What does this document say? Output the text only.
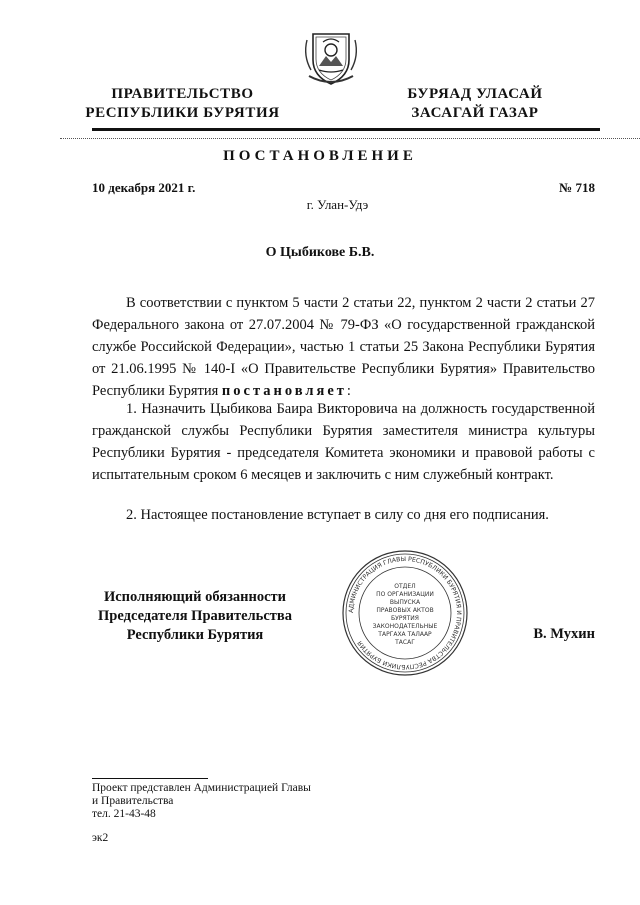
ПРАВИТЕЛЬСТВО
РЕСПУБЛИКИ БУРЯТИЯ
БУРЯАД УЛАСАЙ
ЗАСАГАЙ ГАЗАР
ПОСТАНОВЛЕНИЕ
10 декабря 2021 г.	№ 718
г. Улан-Удэ
О Цыбикове Б.В.
В соответствии с пунктом 5 части 2 статьи 22, пунктом 2 части 2 статьи 27 Федерального закона от 27.07.2004 № 79-ФЗ «О государственной гражданской службе Российской Федерации», частью 1 статьи 25 Закона Республики Бурятия от 21.06.1995 № 140-I «О Правительстве Республики Бурятия» Правительство Республики Бурятия постановляет:
1. Назначить Цыбикова Баира Викторовича на должность государственной гражданской службы Республики Бурятия заместителя министра культуры Республики Бурятия - председателя Комитета экономики и правовой работы с испытательным сроком 6 месяцев и заключить с ним служебный контракт.
2. Настоящее постановление вступает в силу со дня его подписания.
АДМИНИСТРАЦИЯ ГЛАВЫ РЕСПУБЛИКИ БУРЯТИЯ И ПРАВИТЕЛЬСТВА РЕСПУБЛИКИ БУРЯТИЯ
ОТДЕЛ
ПО ОРГАНИЗАЦИИ
ВЫПУСКА
ПРАВОВЫХ АКТОВ
БУРЯТИЯ
ЗАКОНОДАТЕЛЬНЫЕ
ТАРГАХА ТАЛААР
ТАСАГ
Исполняющий обязанности
Председателя Правительства
Республики Бурятия	В. Мухин
Проект представлен Администрацией Главы
и Правительства
тел. 21-43-48
эк2
